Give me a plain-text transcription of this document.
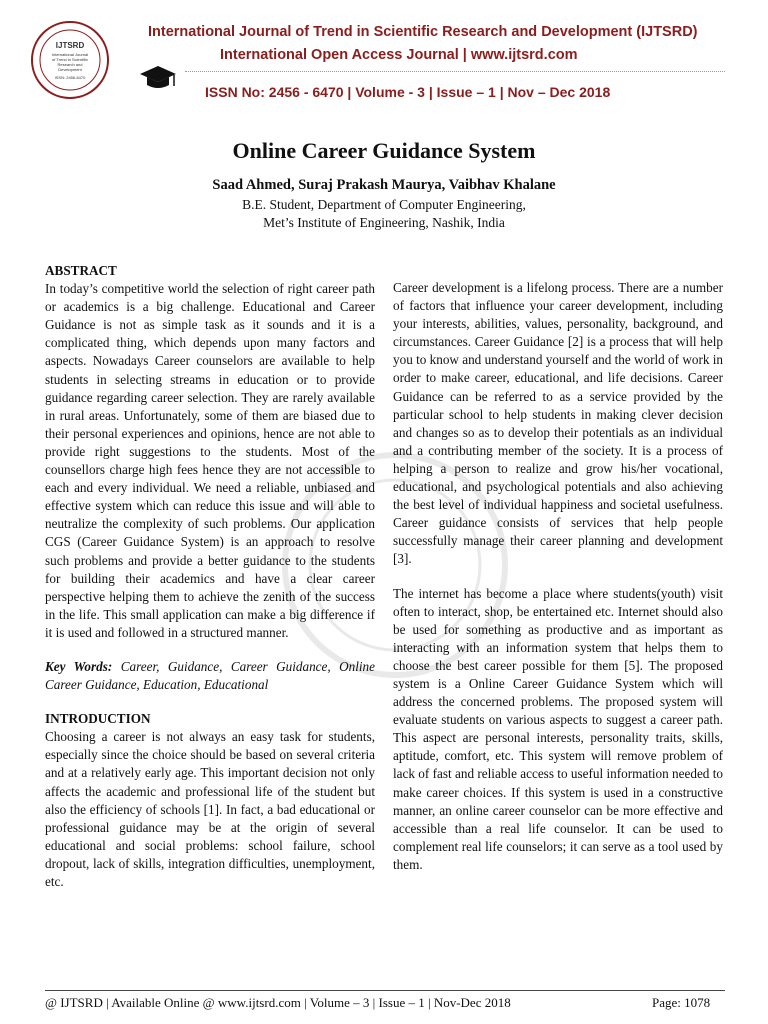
IJTSRD
International Journal
of Trend in Scientific
Research and
Development
ISSN: 2456-6470
International Journal of Trend in Scientific Research and Development (IJTSRD)
International Open Access Journal | www.ijtsrd.com
ISSN No: 2456 - 6470 | Volume - 3 | Issue – 1 | Nov – Dec 2018
Online Career Guidance System
Saad Ahmed, Suraj Prakash Maurya, Vaibhav Khalane
B.E. Student, Department of Computer Engineering,
Met’s Institute of Engineering, Nashik, India
ABSTRACT

In today’s competitive world the selection of right career path or academics is a big challenge. Educational and Career Guidance is not as simple task as it sounds and it is a complicated thing, which depends upon many factors and aspects. Nowadays Career counselors are available to help students in selecting streams in education or to provide guidance regarding career selection. They are rarely available in rural areas. Unfortunately, some of them are biased due to their personal experiences and opinions, hence are not able to provide right suggestions to the students. Most of the counsellors charge high fees hence they are not accessible to each and every individual. We need a reliable, unbiased and effective system which can reduce this issue and will able to neutralize the complexity of such problems. Our application CGS (Career Guidance System) is an approach to resolve such problems and provide a better guidance to the students for building their academics and have a clear career perspective helping them to achieve the zenith of the success in the life. This small application can make a big difference if it is used and followed in a structured manner.

Key Words: Career, Guidance, Career Guidance, Online Career Guidance, Education, Educational

INTRODUCTION

Choosing a career is not always an easy task for students, especially since the choice should be based on several criteria and at a relatively early age. This important decision not only affects the academic and professional life of the student but also the efficiency of schools [1]. In fact, a bad educational or professional guidance may be at the origin of several educational and social problems: school failure, school dropout, lack of skills, integration difficulties, unemployment, etc.

Career development is a lifelong process. There are a number of factors that influence your career development, including your interests, abilities, values, personality, background, and circumstances. Career Guidance [2] is a process that will help you to know and understand yourself and the world of work in order to make career, educational, and life decisions. Career Guidance can be referred to as a service provided by the particular school to help students in making clever decision and changes so as to develop their potentials as an individual and a contributing member of the society. It is a process of helping a person to realize and grow his/her vocational, educational, and psychological potentials and also achieving the best level of individual happiness and societal usefulness. Career guidance consists of services that help people successfully manage their career planning and development [3].

The internet has become a place where students(youth) visit often to interact, shop, be entertained etc. Internet should also be used for something as productive and as important as interacting with an information system that helps them to choose the best career possible for them [5]. The proposed system is a Online Career Guidance System which will address the concerned problems. The proposed system will evaluate students on various aspects to suggest a career path. This aspect are personal interests, personality traits, skills, aptitude, comfort, etc. This system will remove problem of lack of fast and reliable access to useful information needed to make career choices. If this system is used in a constructive manner, an online career counselor can be more effective and accessible than a real life counselor. It can be used to complement real life counselors; it can serve as a tool used by them.

@ IJTSRD | Available Online @ www.ijtsrd.com | Volume – 3 | Issue – 1 | Nov-Dec 2018	Page: 1078
